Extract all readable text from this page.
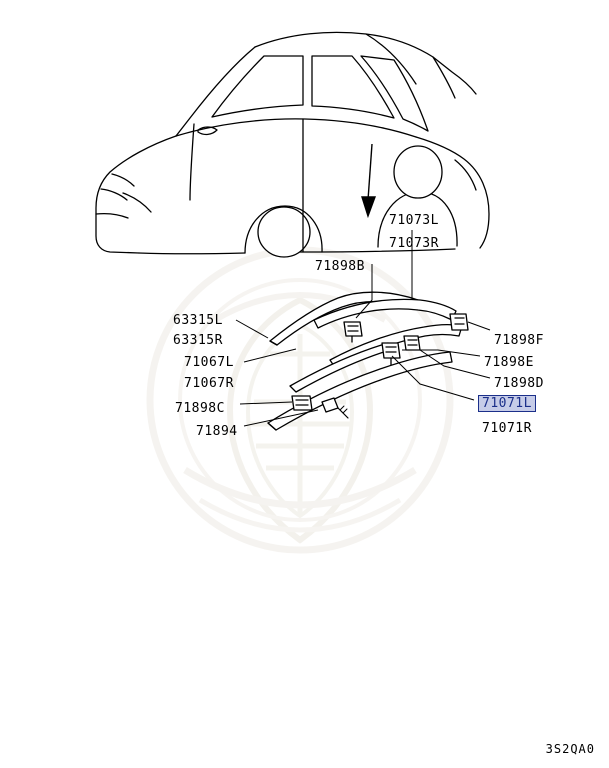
71073L
71073R
71898B
63315L
63315R
71067L
71067R
71898C
71894
71898F
71898E
71898D
71071L
71071R
3S2QA0
